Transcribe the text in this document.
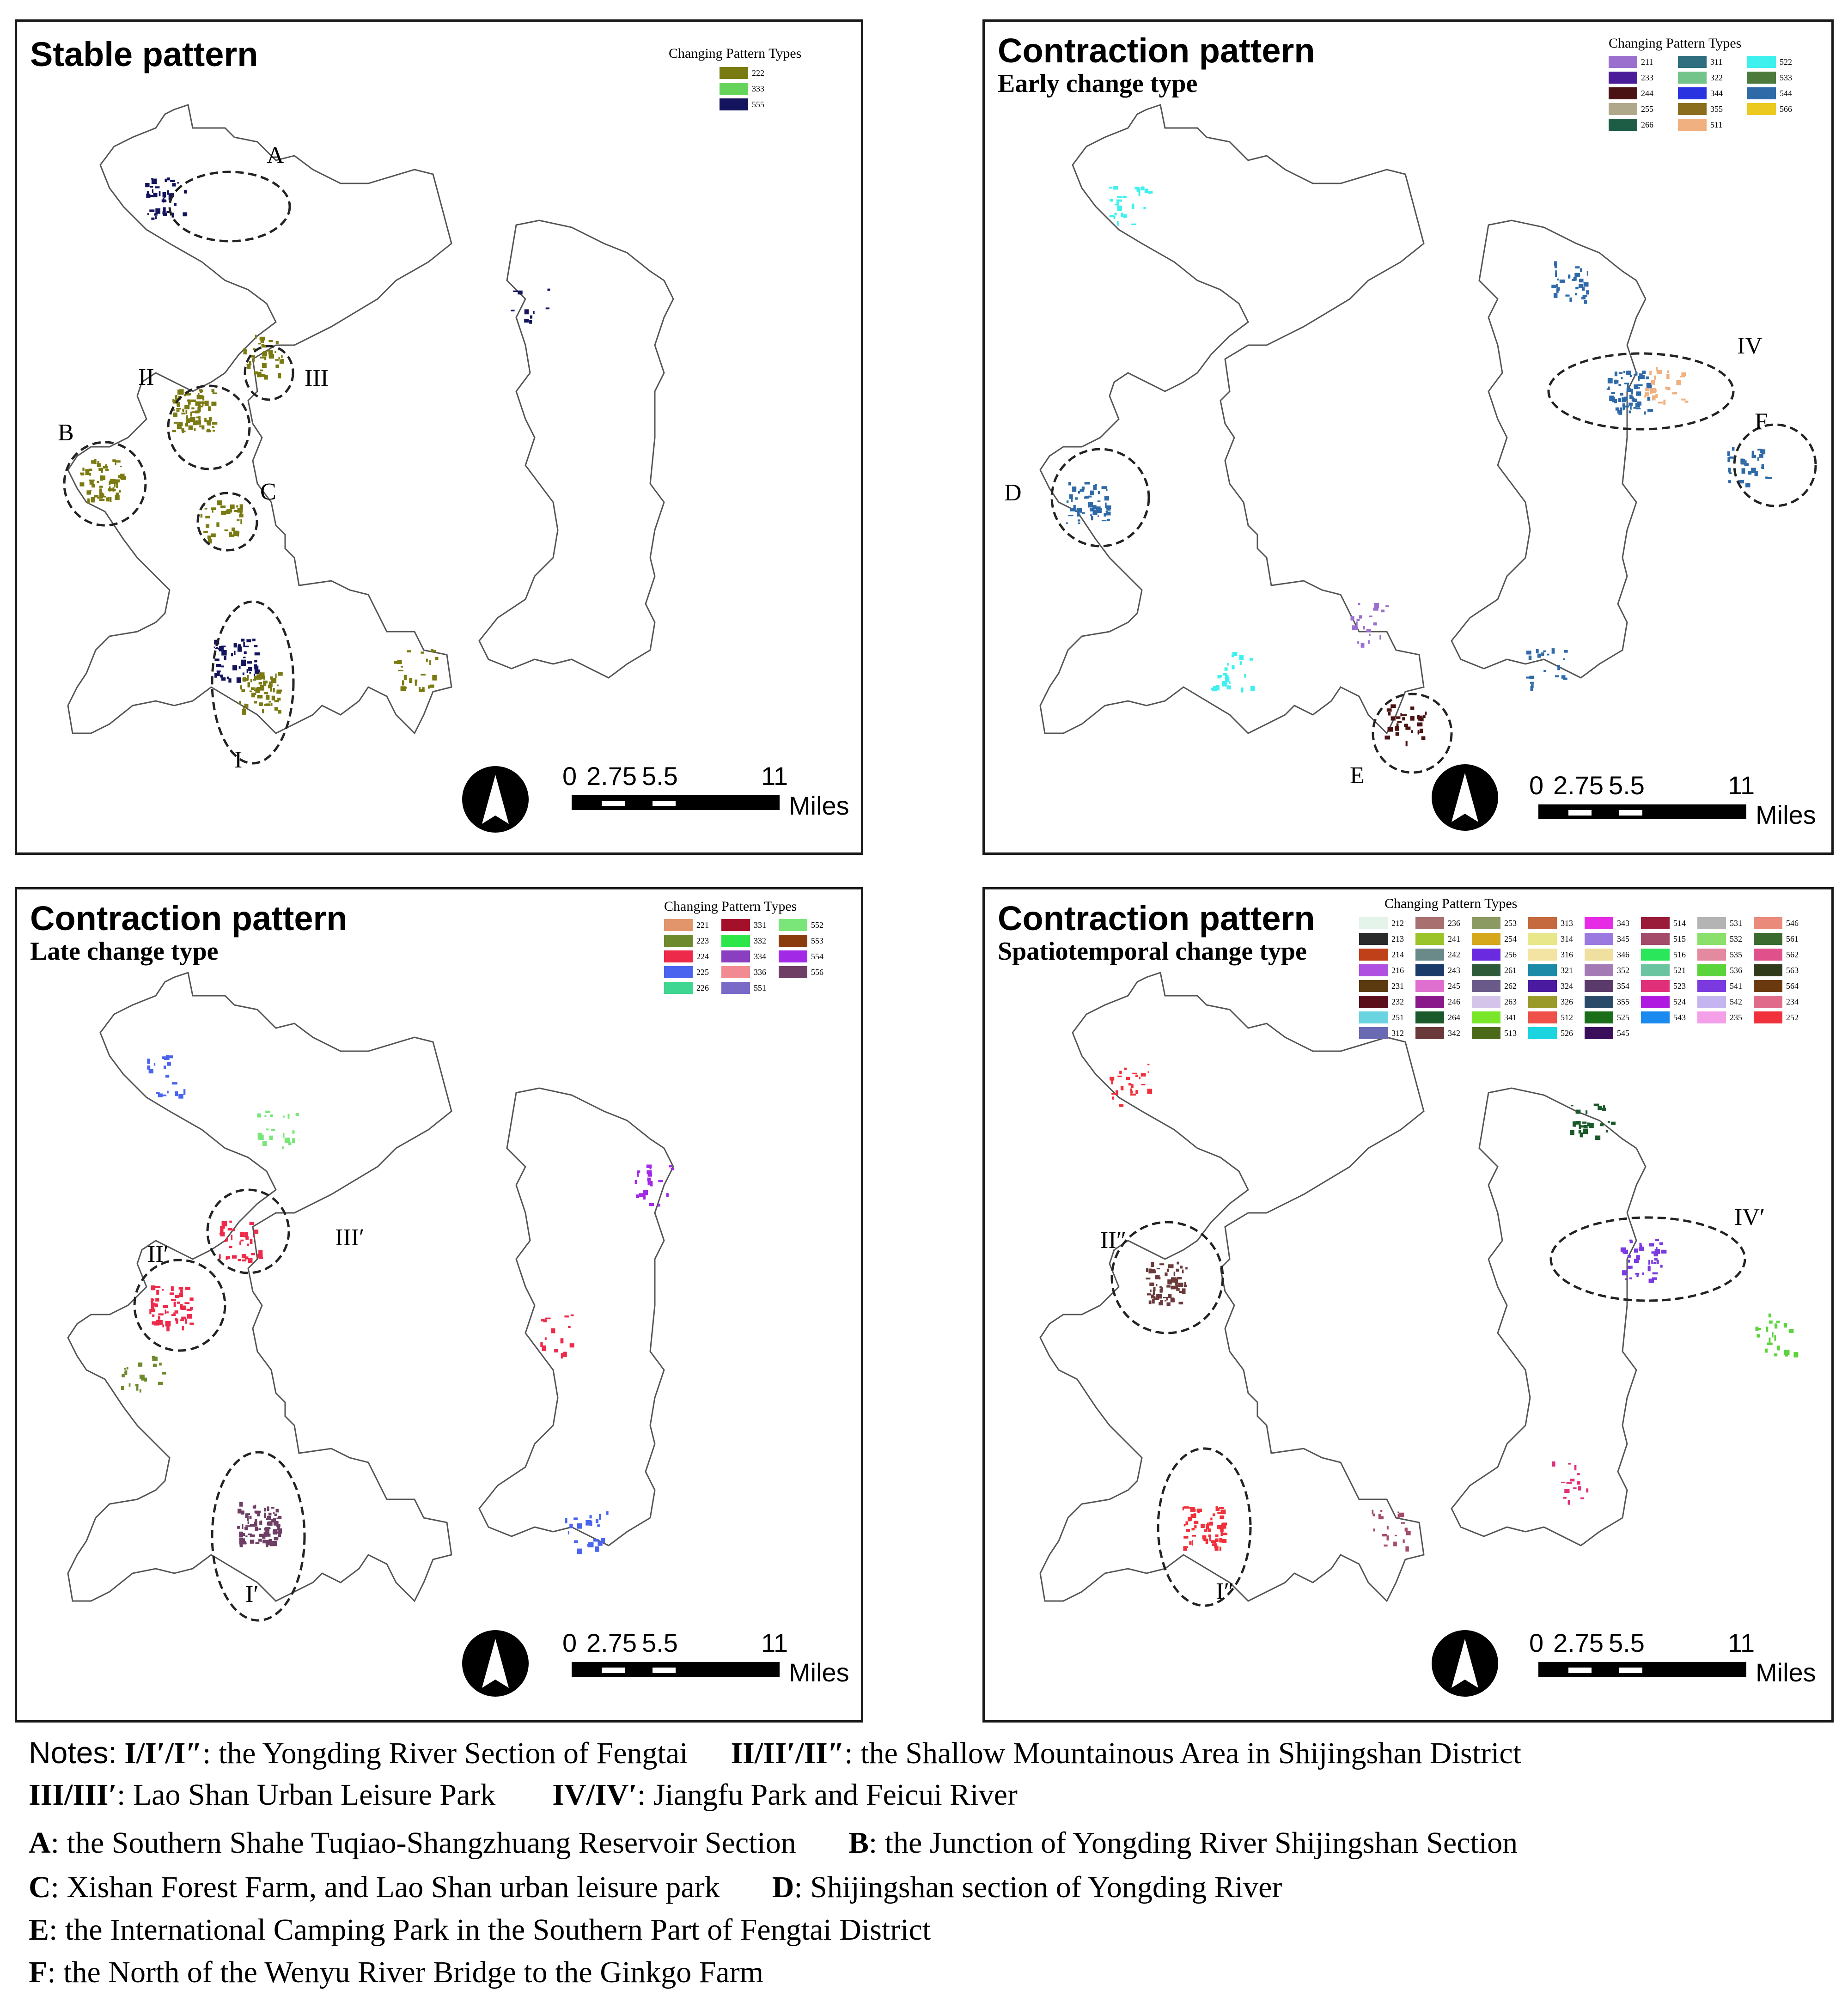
Stable pattern	Changing Pattern Types
222
333
555
0 2.75 5.5	11
Miles
A
II	III
B
C
I
Contraction pattern
Early change type
Changing Pattern Types
211	311	522
233	322	533
244	344	544
255	355	566
266	511
0 2.75 5.5	11
Miles
IV
F
D
E
Contraction pattern
Late change type
Changing Pattern Types
221	331	552
223	332	553
224	334	554
225	336	556
226	551
0 2.75 5.5	11
Miles
III′
II′
I′
Contraction pattern
Spatiotemporal change type
Changing Pattern Types
212	236	253	313	343	514	531	546
213	241	254	314	345	515	532	561
214	242	256	316	346	516	535	562
216	243	261	321	352	521	536	563
231	245	262	324	354	523	541	564
232	246	263	326	355	524	542	234
251	264	341	512	525	543	235	252
312	342	513	526	545
0 2.75 5.5	11
Miles
II″
IV′
I″
Notes: I/I′/I″: the Yongding River Section of Fengtai II/II′/II″: the Shallow Mountainous Area in Shijingshan District
III/III′: Lao Shan Urban Leisure Park IV/IV′: Jiangfu Park and Feicui River
A: the Southern Shahe Tuqiao-Shangzhuang Reservoir Section B: the Junction of Yongding River Shijingshan Section
C: Xishan Forest Farm, and Lao Shan urban leisure park D: Shijingshan section of Yongding River
E: the International Camping Park in the Southern Part of Fengtai District
F: the North of the Wenyu River Bridge to the Ginkgo Farm
